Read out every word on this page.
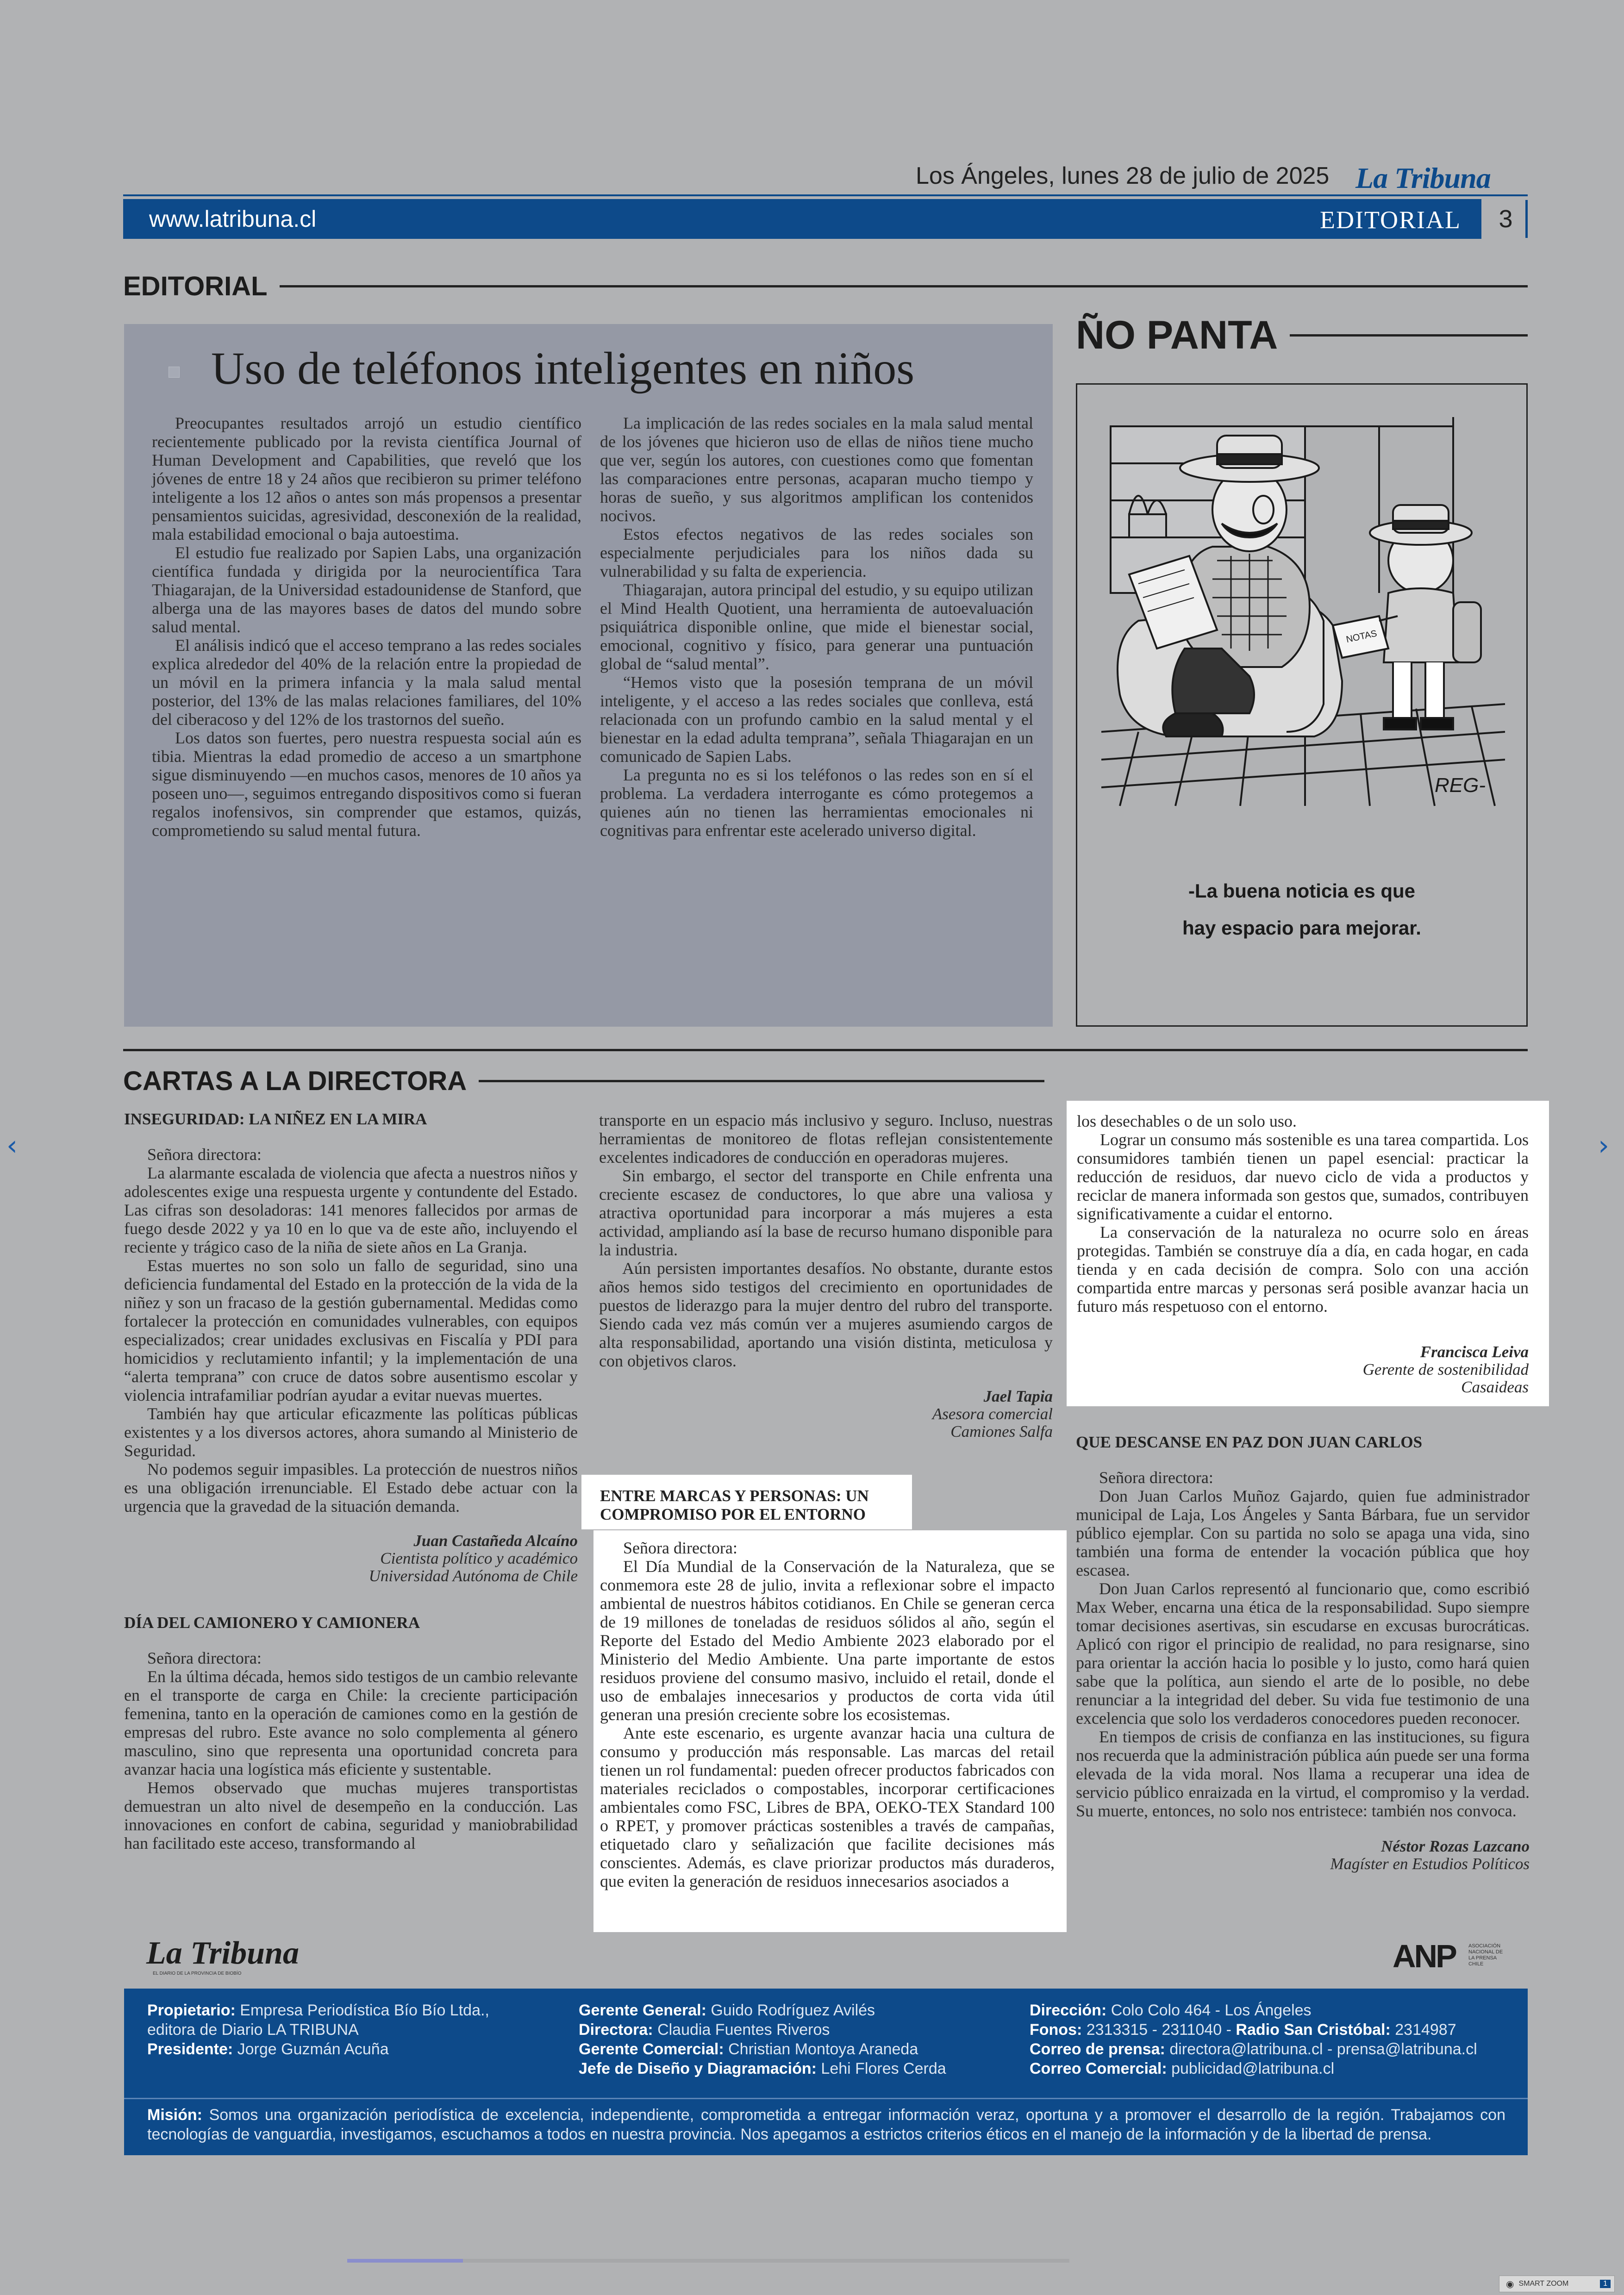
‹	›
Los Ángeles, lunes 28 de julio de 2025 La Tribuna
www.latribuna.cl	EDITORIAL	3
EDITORIAL
Uso de teléfonos inteligentes en niños

Preocupantes resultados arrojó un estudio científico recientemente publicado por la revista científica Journal of Human Development and Capabilities, que reveló que los jóvenes de entre 18 y 24 años que recibieron su primer teléfono inteligente a los 12 años o antes son más propensos a presentar pensamientos suicidas, agresividad, desconexión de la realidad, mala estabilidad emocional o baja autoestima.

El estudio fue realizado por Sapien Labs, una organización científica fundada y dirigida por la neurocientífica Tara Thiagarajan, de la Universidad estadounidense de Stanford, que alberga una de las mayores bases de datos del mundo sobre salud mental.

El análisis indicó que el acceso temprano a las redes sociales explica alrededor del 40% de la relación entre la propiedad de un móvil en la primera infancia y la mala salud mental posterior, del 13% de las malas relaciones familiares, del 10% del ciberacoso y del 12% de los trastornos del sueño.

Los datos son fuertes, pero nuestra respuesta social aún es tibia. Mientras la edad promedio de acceso a un smartphone sigue disminuyendo —en muchos casos, menores de 10 años ya poseen uno—, seguimos entregando dispositivos como si fueran regalos inofensivos, sin comprender que estamos, quizás, comprometiendo su salud mental futura.

La implicación de las redes sociales en la mala salud mental de los jóvenes que hicieron uso de ellas de niños tiene mucho que ver, según los autores, con cuestiones como que fomentan las comparaciones entre personas, acaparan mucho tiempo y horas de sueño, y sus algoritmos amplifican los contenidos nocivos.

Estos efectos negativos de las redes sociales son especialmente perjudiciales para los niños dada su vulnerabilidad y su falta de experiencia.

Thiagarajan, autora principal del estudio, y su equipo utilizan el Mind Health Quotient, una herramienta de autoevaluación psiquiátrica disponible online, que mide el bienestar social, emocional, cognitivo y físico, para generar una puntuación global de “salud mental”.

“Hemos visto que la posesión temprana de un móvil inteligente, y el acceso a las redes sociales que conlleva, está relacionada con un profundo cambio en la salud mental y el bienestar en la edad adulta temprana”, señala Thiagarajan en un comunicado de Sapien Labs.

La pregunta no es si los teléfonos o las redes son en sí el problema. La verdadera interrogante es cómo protegemos a quienes aún no tienen las herramientas emocionales ni cognitivas para enfrentar este acelerado universo digital.

ÑO PANTA
NOTAS
REG-
-La buena noticia es que
hay espacio para mejorar.
CARTAS A LA DIRECTORA
INSEGURIDAD: LA NIÑEZ EN LA MIRA

Señora directora:

La alarmante escalada de violencia que afecta a nuestros niños y adolescentes exige una respuesta urgente y contundente del Estado. Las cifras son desoladoras: 141 menores fallecidos por armas de fuego desde 2022 y ya 10 en lo que va de este año, incluyendo el reciente y trágico caso de la niña de siete años en La Granja.

Estas muertes no son solo un fallo de seguridad, sino una deficiencia fundamental del Estado en la protección de la vida de la niñez y son un fracaso de la gestión gubernamental. Medidas como fortalecer la protección en comunidades vulnerables, con equipos especializados; crear unidades exclusivas en Fiscalía y PDI para homicidios y reclutamiento infantil; y la implementación de una “alerta temprana” con cruce de datos sobre ausentismo escolar y violencia intrafamiliar podrían ayudar a evitar nuevas muertes.

También hay que articular eficazmente las políticas públicas existentes y a los diversos actores, ahora sumando al Ministerio de Seguridad.

No podemos seguir impasibles. La protección de nuestros niños es una obligación irrenunciable. El Estado debe actuar con la urgencia que la gravedad de la situación demanda.

Juan Castañeda Alcaíno
Cientista político y académico
Universidad Autónoma de Chile
DÍA DEL CAMIONERO Y CAMIONERA

Señora directora:

En la última década, hemos sido testigos de un cambio relevante en el transporte de carga en Chile: la creciente participación femenina, tanto en la operación de camiones como en la gestión de empresas del rubro. Este avance no solo complementa al género masculino, sino que representa una oportunidad concreta para avanzar hacia una logística más eficiente y sustentable.

Hemos observado que muchas mujeres transportistas demuestran un alto nivel de desempeño en la conducción. Las innovaciones en confort de cabina, seguridad y maniobrabilidad han facilitado este acceso, transformando al

transporte en un espacio más inclusivo y seguro. Incluso, nuestras herramientas de monitoreo de flotas reflejan consistentemente excelentes indicadores de conducción en operadoras mujeres.

Sin embargo, el sector del transporte en Chile enfrenta una creciente escasez de conductores, lo que abre una valiosa y atractiva oportunidad para incorporar a más mujeres a esta actividad, ampliando así la base de recurso humano disponible para la industria.

Aún persisten importantes desafíos. No obstante, durante estos años hemos sido testigos del crecimiento en oportunidades de puestos de liderazgo para la mujer dentro del rubro del transporte. Siendo cada vez más común ver a mujeres asumiendo cargos de alta responsabilidad, aportando una visión distinta, meticulosa y con objetivos claros.

Jael Tapia
Asesora comercial
Camiones Salfa
ENTRE MARCAS Y PERSONAS: UN
COMPROMISO POR EL ENTORNO

Señora directora:

El Día Mundial de la Conservación de la Naturaleza, que se conmemora este 28 de julio, invita a reflexionar sobre el impacto ambiental de nuestros hábitos cotidianos. En Chile se generan cerca de 19 millones de toneladas de residuos sólidos al año, según el Reporte del Estado del Medio Ambiente 2023 elaborado por el Ministerio del Medio Ambiente. Una parte importante de estos residuos proviene del consumo masivo, incluido el retail, donde el uso de embalajes innecesarios y productos de corta vida útil generan una presión creciente sobre los ecosistemas.

Ante este escenario, es urgente avanzar hacia una cultura de consumo y producción más responsable. Las marcas del retail tienen un rol fundamental: pueden ofrecer productos fabricados con materiales reciclados o compostables, incorporar certificaciones ambientales como FSC, Libres de BPA, OEKO-TEX Standard 100 o RPET, y promover prácticas sostenibles a través de campañas, etiquetado claro y señalización que facilite decisiones más conscientes. Además, es clave priorizar productos más duraderos, que eviten la generación de residuos innecesarios asociados a

los desechables o de un solo uso.

Lograr un consumo más sostenible es una tarea compartida. Los consumidores también tienen un papel esencial: practicar la reducción de residuos, dar nuevo ciclo de vida a productos y reciclar de manera informada son gestos que, sumados, contribuyen significativamente a cuidar el entorno.

La conservación de la naturaleza no ocurre solo en áreas protegidas. También se construye día a día, en cada hogar, en cada tienda y en cada decisión de compra. Solo con una acción compartida entre marcas y personas será posible avanzar hacia un futuro más respetuoso con el entorno.

Francisca Leiva
Gerente de sostenibilidad
Casaideas
QUE DESCANSE EN PAZ DON JUAN CARLOS

Señora directora:

Don Juan Carlos Muñoz Gajardo, quien fue administrador municipal de Laja, Los Ángeles y Santa Bárbara, fue un servidor público ejemplar. Con su partida no solo se apaga una vida, sino también una forma de entender la vocación pública que hoy escasea.

Don Juan Carlos representó al funcionario que, como escribió Max Weber, encarna una ética de la responsabilidad. Supo siempre tomar decisiones asertivas, sin escudarse en excusas burocráticas. Aplicó con rigor el principio de realidad, no para resignarse, sino para orientar la acción hacia lo posible y lo justo, como hará quien sabe que la política, aun siendo el arte de lo posible, no debe renunciar a la integridad del deber. Su vida fue testimonio de una excelencia que solo los verdaderos conocedores pueden reconocer.

En tiempos de crisis de confianza en las instituciones, su figura nos recuerda que la administración pública aún puede ser una forma elevada de la vida moral. Nos llama a recuperar una idea de servicio público enraizada en la virtud, el compromiso y la verdad. Su muerte, entonces, no solo nos entristece: también nos convoca.

Néstor Rozas Lazcano
Magíster en Estudios Políticos
La Tribuna
EL DIARIO DE LA PROVINCIA DE BIOBÍO	ANP	ASOCIACIÓN NACIONAL DE LA PRENSA CHILE
Propietario: Empresa Periodística Bío Bío Ltda.,
editora de Diario LA TRIBUNA
Presidente: Jorge Guzmán Acuña
Gerente General: Guido Rodríguez Avilés
Directora: Claudia Fuentes Riveros
Gerente Comercial: Christian Montoya Araneda
Jefe de Diseño y Diagramación: Lehi Flores Cerda
Dirección: Colo Colo 464 - Los Ángeles
Fonos: 2313315 - 2311040 - Radio San Cristóbal: 2314987
Correo de prensa: directora@latribuna.cl - prensa@latribuna.cl
Correo Comercial: publicidad@latribuna.cl
Misión: Somos una organización periodística de excelencia, independiente, comprometida a entregar información veraz, oportuna y a promover el desarrollo de la región. Trabajamos con tecnologías de vanguardia, investigamos, escuchamos a todos en nuestra provincia. Nos apegamos a estrictos criterios éticos en el manejo de la información y de la libertad de prensa.
◉ SMART ZOOM	1
